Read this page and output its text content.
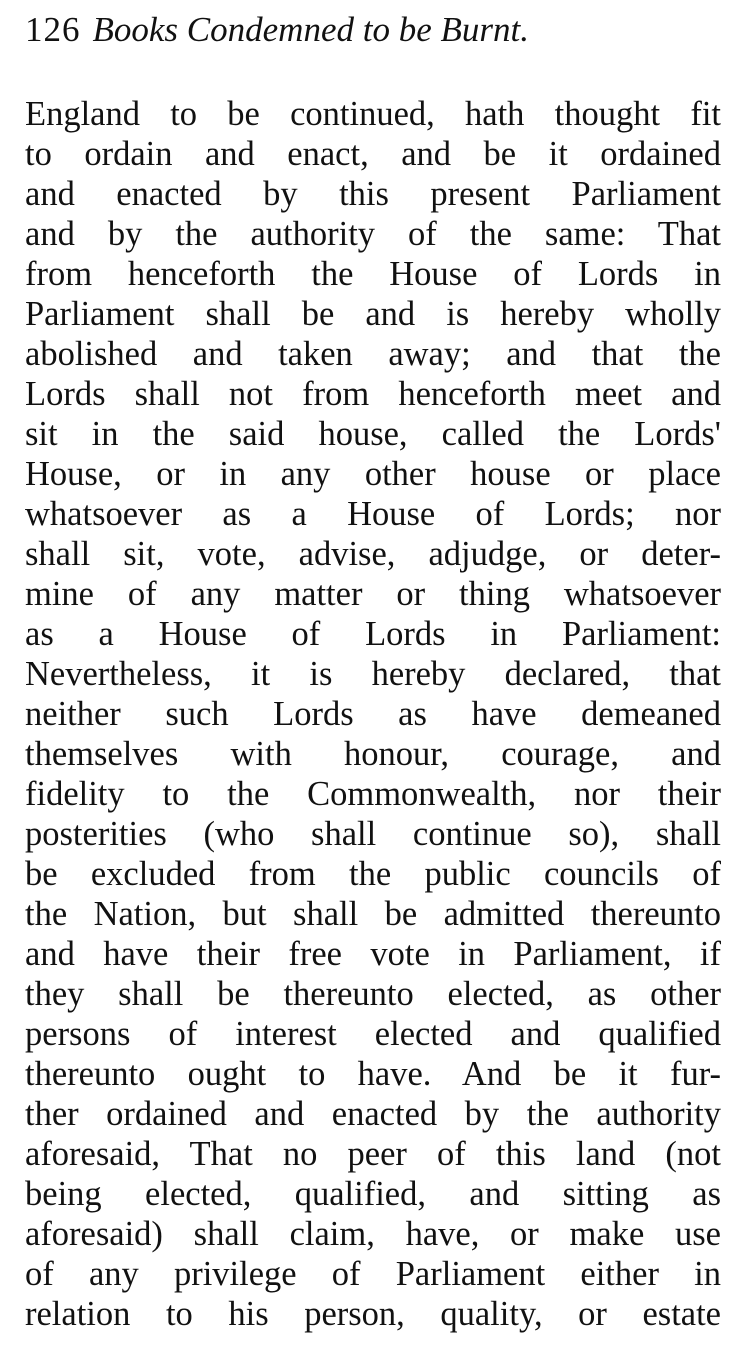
126 Books Condemned to be Burnt.
England to be continued, hath thought fit
to ordain and enact, and be it ordained
and enacted by this present Parliament
and by the authority of the same: That
from henceforth the House of Lords in
Parliament shall be and is hereby wholly
abolished and taken away; and that the
Lords shall not from henceforth meet and
sit in the said house, called the Lords'
House, or in any other house or place
whatsoever as a House of Lords; nor
shall sit, vote, advise, adjudge, or deter-
mine of any matter or thing whatsoever
as a House of Lords in Parliament:
Nevertheless, it is hereby declared, that
neither such Lords as have demeaned
themselves with honour, courage, and
fidelity to the Commonwealth, nor their
posterities (who shall continue so), shall
be excluded from the public councils of
the Nation, but shall be admitted thereunto
and have their free vote in Parliament, if
they shall be thereunto elected, as other
persons of interest elected and qualified
thereunto ought to have. And be it fur-
ther ordained and enacted by the authority
aforesaid, That no peer of this land (not
being elected, qualified, and sitting as
aforesaid) shall claim, have, or make use
of any privilege of Parliament either in
relation to his person, quality, or estate
